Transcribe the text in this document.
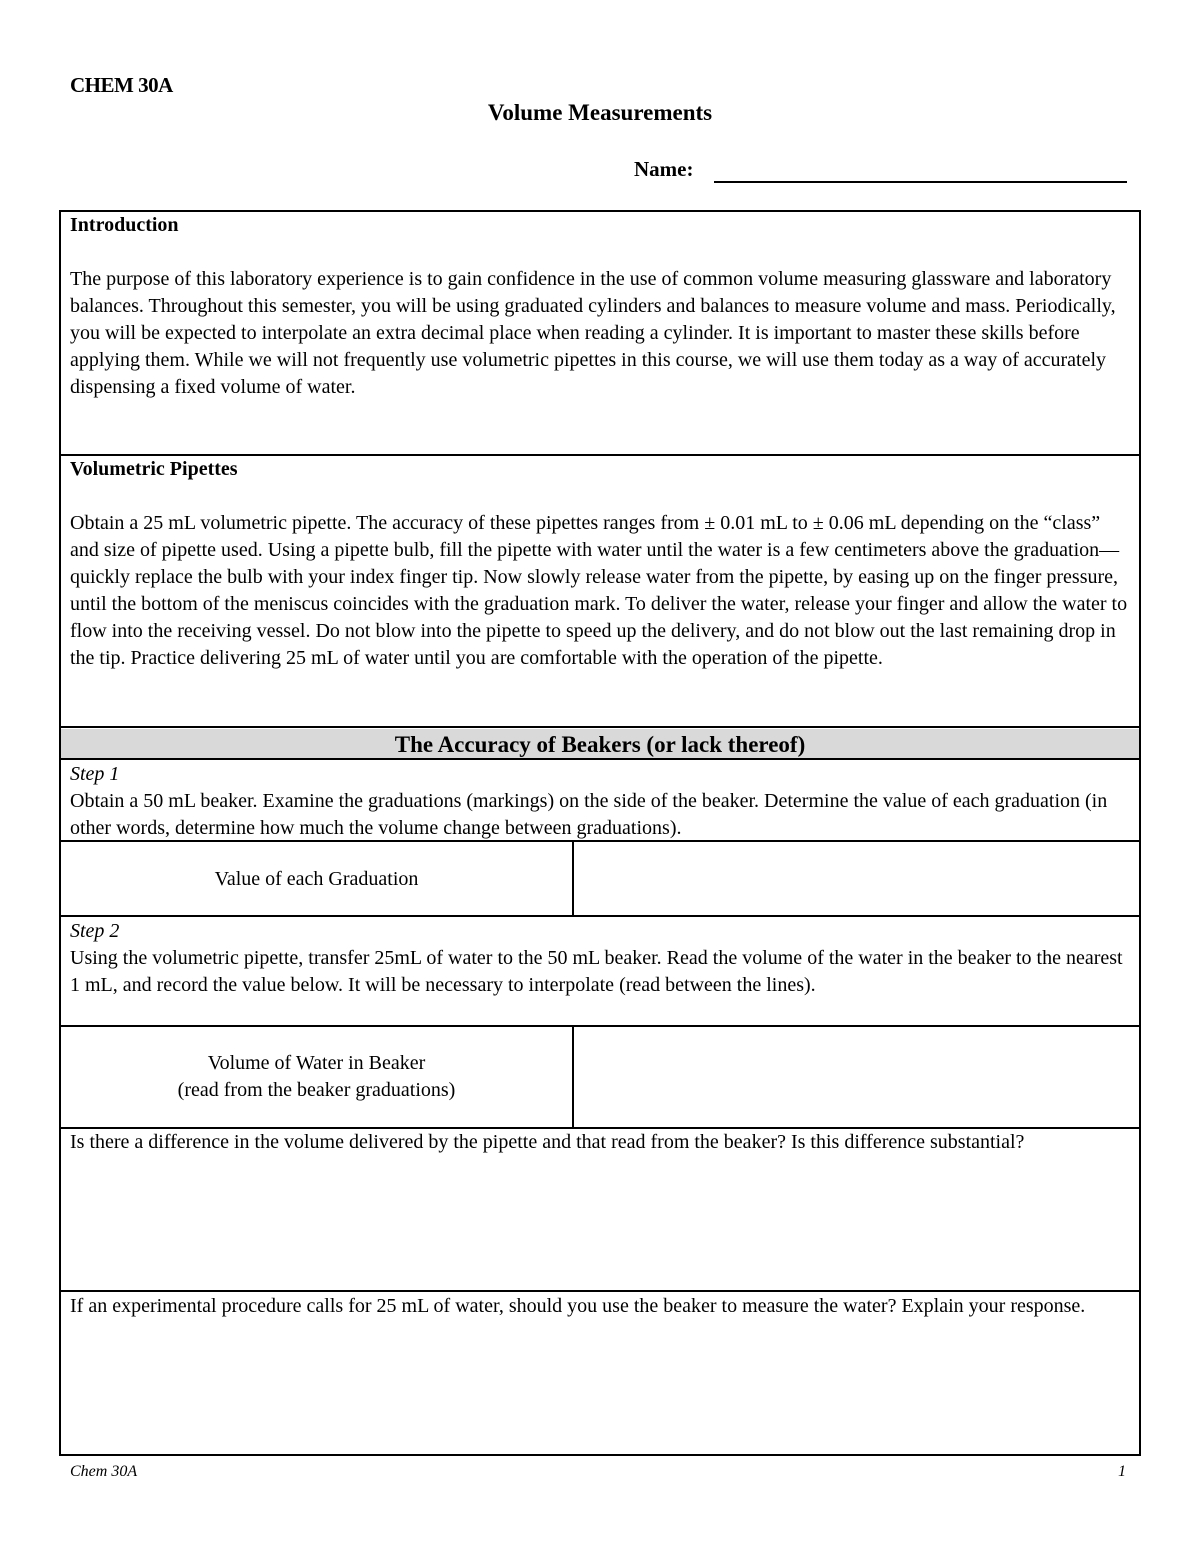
CHEM 30A
Volume Measurements
Name:
Introduction

The purpose of this laboratory experience is to gain confidence in the use of common volume measuring glassware and laboratory balances. Throughout this semester, you will be using graduated cylinders and balances to measure volume and mass. Periodically, you will be expected to interpolate an extra decimal place when reading a cylinder. It is important to master these skills before applying them. While we will not frequently use volumetric pipettes in this course, we will use them today as a way of accurately dispensing a fixed volume of water.

Volumetric Pipettes

Obtain a 25 mL volumetric pipette. The accuracy of these pipettes ranges from ± 0.01 mL to ± 0.06 mL depending on the “class” and size of pipette used. Using a pipette bulb, fill the pipette with water until the water is a few centimeters above the graduation—quickly replace the bulb with your index finger tip. Now slowly release water from the pipette, by easing up on the finger pressure, until the bottom of the meniscus coincides with the graduation mark. To deliver the water, release your finger and allow the water to flow into the receiving vessel. Do not blow into the pipette to speed up the delivery, and do not blow out the last remaining drop in the tip. Practice delivering 25 mL of water until you are comfortable with the operation of the pipette.

The Accuracy of Beakers (or lack thereof)
Step 1

Obtain a 50 mL beaker. Examine the graduations (markings) on the side of the beaker. Determine the value of each graduation (in other words, determine how much the volume change between graduations).

Value of each Graduation
Step 2

Using the volumetric pipette, transfer 25mL of water to the 50 mL beaker. Read the volume of the water in the beaker to the nearest 1 mL, and record the value below. It will be necessary to interpolate (read between the lines).

Volume of Water in Beaker
(read from the beaker graduations)

Is there a difference in the volume delivered by the pipette and that read from the beaker? Is this difference substantial?

If an experimental procedure calls for 25 mL of water, should you use the beaker to measure the water? Explain your response.

Chem 30A	1
